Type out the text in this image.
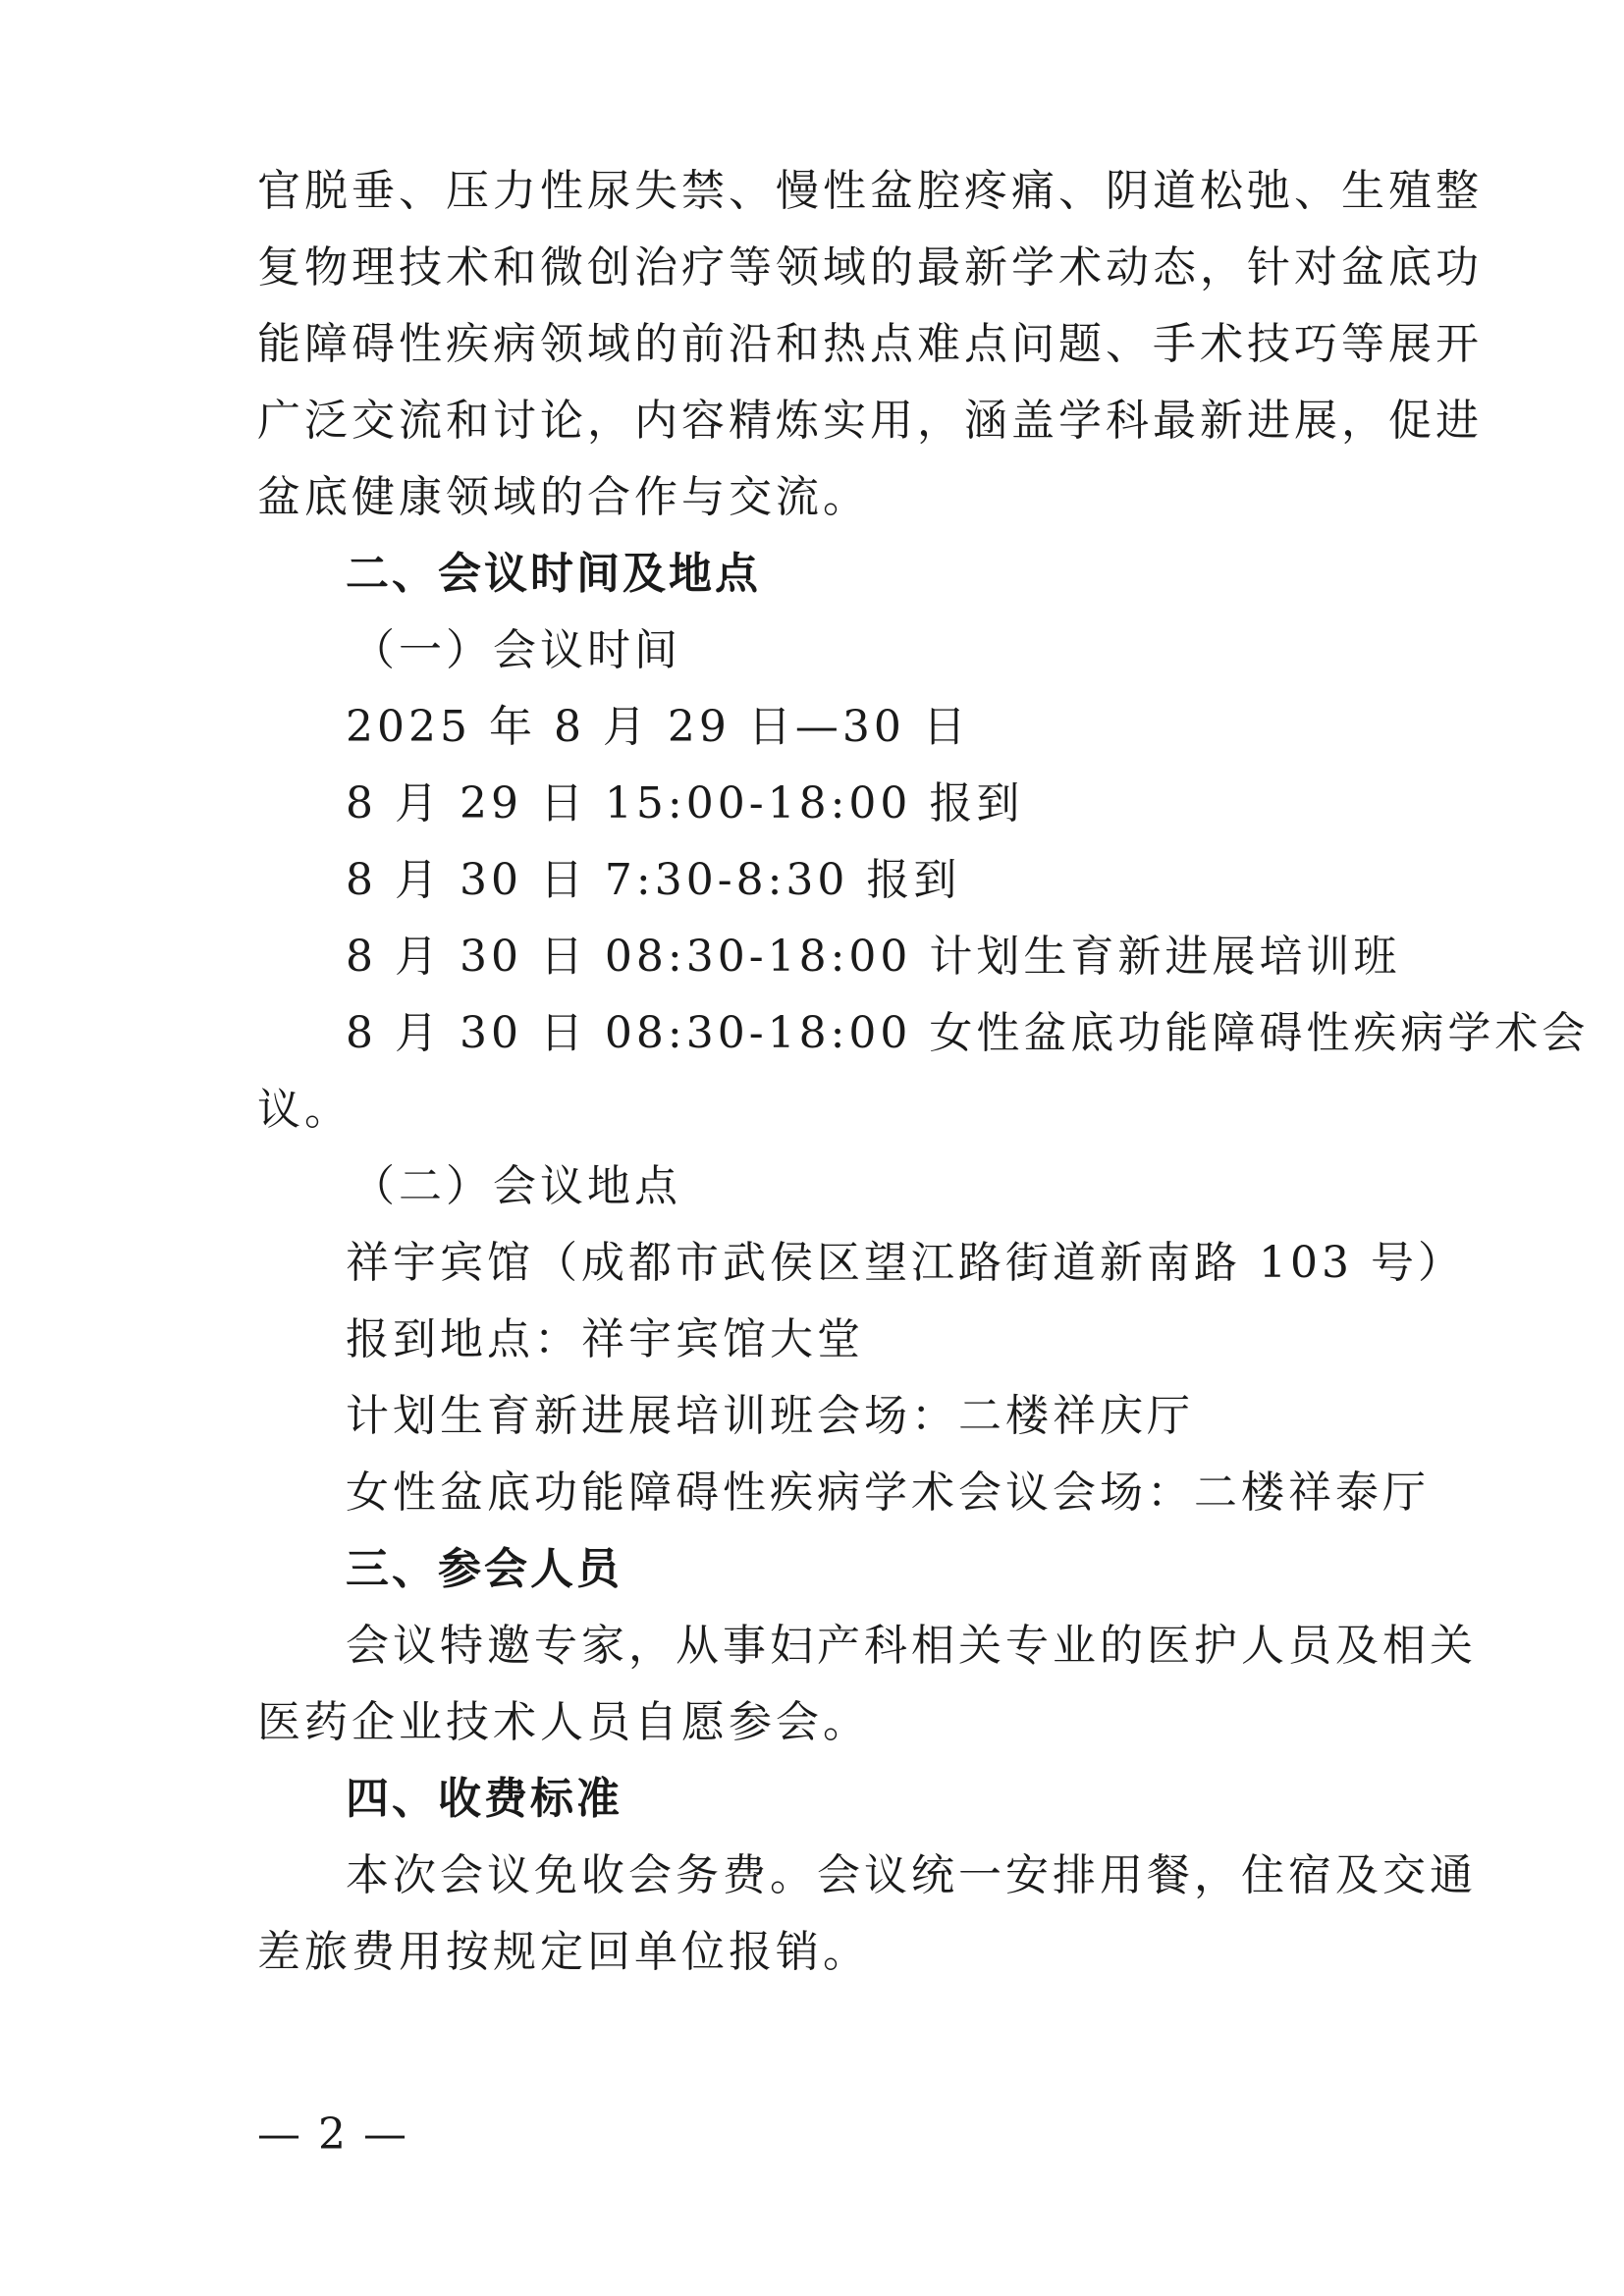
官脱垂、压力性尿失禁、慢性盆腔疼痛、阴道松弛、生殖整
复物理技术和微创治疗等领域的最新学术动态，针对盆底功
能障碍性疾病领域的前沿和热点难点问题、手术技巧等展开
广泛交流和讨论，内容精炼实用，涵盖学科最新进展，促进
盆底健康领域的合作与交流。
二、会议时间及地点
（一）会议时间
2025 年 8 月 29 日—30 日
8 月 29 日 15:00-18:00 报到
8 月 30 日 7:30-8:30 报到
8 月 30 日 08:30-18:00 计划生育新进展培训班
8 月 30 日 08:30-18:00 女性盆底功能障碍性疾病学术会
议。
（二）会议地点
祥宇宾馆（成都市武侯区望江路街道新南路 103 号）
报到地点：祥宇宾馆大堂
计划生育新进展培训班会场：二楼祥庆厅
女性盆底功能障碍性疾病学术会议会场：二楼祥泰厅
三、参会人员
会议特邀专家，从事妇产科相关专业的医护人员及相关
医药企业技术人员自愿参会。
四、收费标准
本次会议免收会务费。会议统一安排用餐，住宿及交通
差旅费用按规定回单位报销。
— 2 —
